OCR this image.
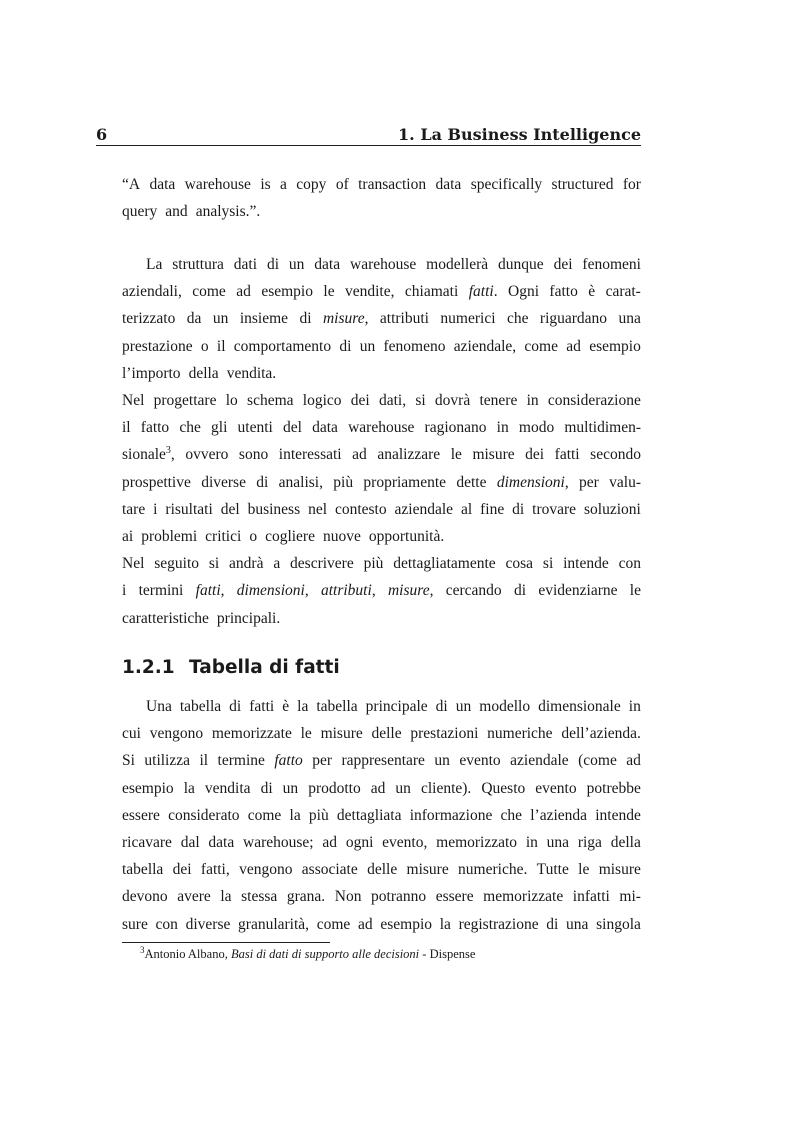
6	1. La Business Intelligence
“A data warehouse is a copy of transaction data specifically structured for
query and analysis.”.
La struttura dati di un data warehouse modellerà dunque dei fenomeni
aziendali, come ad esempio le vendite, chiamati fatti. Ogni fatto è carat-
terizzato da un insieme di misure, attributi numerici che riguardano una
prestazione o il comportamento di un fenomeno aziendale, come ad esempio
l’importo della vendita.
Nel progettare lo schema logico dei dati, si dovrà tenere in considerazione
il fatto che gli utenti del data warehouse ragionano in modo multidimen-
sionale$^3$, ovvero sono interessati ad analizzare le misure dei fatti secondo
prospettive diverse di analisi, più propriamente dette dimensioni, per valu-
tare i risultati del business nel contesto aziendale al fine di trovare soluzioni
ai problemi critici o cogliere nuove opportunità.
Nel seguito si andrà a descrivere più dettagliatamente cosa si intende con
i termini fatti, dimensioni, attributi, misure, cercando di evidenziarne le
caratteristiche principali.
1.2.1 Tabella di fatti
Una tabella di fatti è la tabella principale di un modello dimensionale in
cui vengono memorizzate le misure delle prestazioni numeriche dell’azienda.
Si utilizza il termine fatto per rappresentare un evento aziendale (come ad
esempio la vendita di un prodotto ad un cliente). Questo evento potrebbe
essere considerato come la più dettagliata informazione che l’azienda intende
ricavare dal data warehouse; ad ogni evento, memorizzato in una riga della
tabella dei fatti, vengono associate delle misure numeriche. Tutte le misure
devono avere la stessa grana. Non potranno essere memorizzate infatti mi-
sure con diverse granularità, come ad esempio la registrazione di una singola
$^3$Antonio Albano, Basi di dati di supporto alle decisioni - Dispense
